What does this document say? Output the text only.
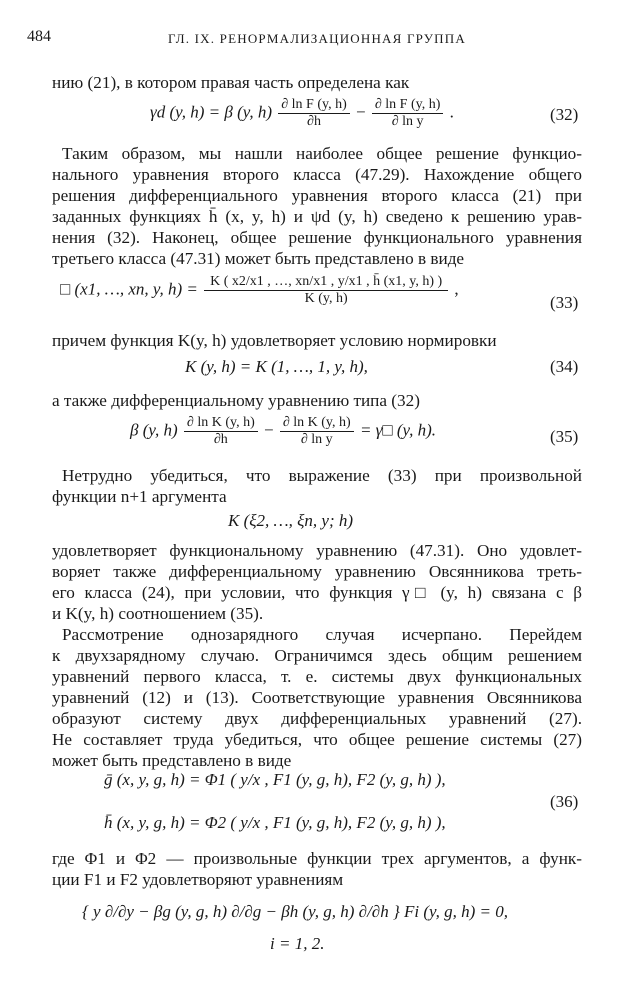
484	ГЛ. IX. РЕНОРМАЛИЗАЦИОННАЯ ГРУППА
нию (21), в котором правая часть определена как
γd (y, h) = β (y, $h) \frac{\text{∂ ln F (y, h)}}{\partial h} - \frac{\text{∂ ln F (y, h)}}{\text{∂ ln y}}$ .	(32)
Таким образом, мы нашли наиболее общее решение функцио-
нального уравнения второго класса (47.29). Нахождение общего
решения дифференциального уравнения второго класса (21) при
заданных функциях h̄ (x, y, h) и ψd (y, h) сведено к решению урав-
нения (32). Наконец, общее решение функционального уравнения
третьего класса (47.31) может быть представлено в виде
□ (x1, …, xn, y, $h) = \frac{K ( x2/x1 , \dots, xn/x1 , y/x1 , h̄ (x1, y, h) )}{K (y, h)}$ ,
(33)
причем функция K(y, h) удовлетворяет условию нормировки
K (y, h) = K (1, …, 1, y, h),	(34)
а также дифференциальному уравнению типа (32)
β (y, $h) \frac{\text{∂ ln K (y, h)}}{\partial h} - \frac{\text{∂ ln K (y, h)}}{\text{∂ ln y}}$ = γ□ (y, h).	(35)
Нетрудно убедиться, что выражение (33) при произвольной
функции n+1 аргумента
K (ξ2, …, ξn, y; h)
удовлетворяет функциональному уравнению (47.31). Оно удовлет-
воряет также дифференциальному уравнению Овсянникова треть-
его класса (24), при условии, что функция γ□ (y, h) связана с β
и K(y, h) соотношением (35).
Рассмотрение однозарядного случая исчерпано. Перейдем
к двухзарядному случаю. Ограничимся здесь общим решением
уравнений первого класса, т. е. системы двух функциональных
уравнений (12) и (13). Соответствующие уравнения Овсянникова
образуют систему двух дифференциальных уравнений (27).
Не составляет труда убедиться, что общее решение системы (27)
может быть представлено в виде
ḡ (x, y, g, h) = Φ1 ( y/x , F1 (y, g, h), F2 (y, g, h) ),
h̄ (x, y, g, h) = Φ2 ( y/x , F1 (y, g, h), F2 (y, g, h) ),
(36)
где Φ1 и Φ2 — произвольные функции трех аргументов, а функ-
ции F1 и F2 удовлетворяют уравнениям
{ y ∂/∂y − βg (y, g, h) ∂/∂g − βh (y, g, h) ∂/∂h } Fi (y, g, h) = 0,
i = 1, 2.
